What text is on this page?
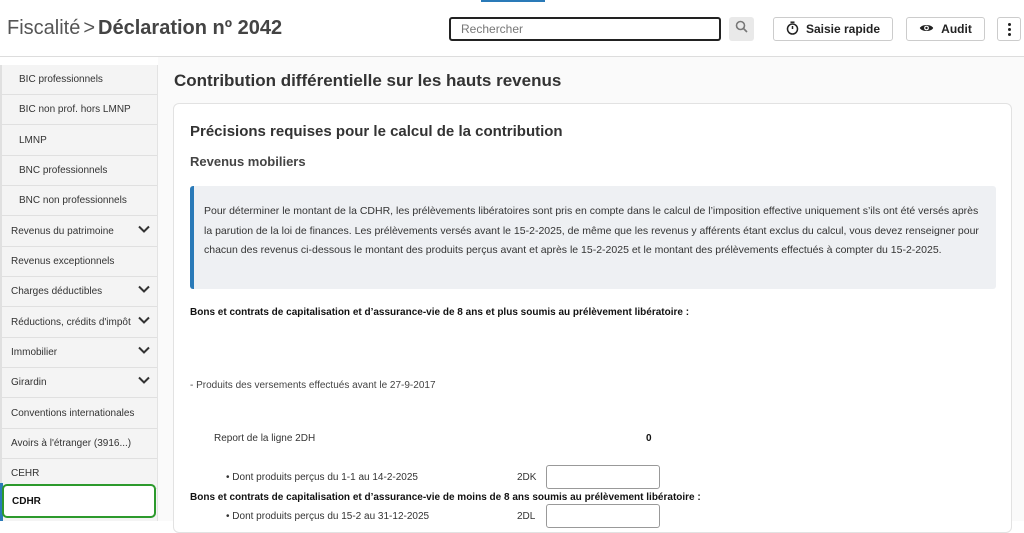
Fiscalité > Déclaration nº 2042
Rechercher	Saisie rapide	Audit
BIC professionnels
BIC non prof. hors LMNP
LMNP
BNC professionnels
BNC non professionnels
Revenus du patrimoine
Revenus exceptionnels
Charges déductibles
Réductions, crédits d'impôt
Immobilier
Girardin
Conventions internationales
Avoirs à l'étranger (3916...)
CEHR
CDHR
Contribution différentielle sur les hauts revenus
Précisions requises pour le calcul de la contribution
Revenus mobiliers
Pour déterminer le montant de la CDHR, les prélèvements libératoires sont pris en compte dans le calcul de l’imposition effective uniquement s’ils ont été versés après la parution de la loi de finances. Les prélèvements versés avant le 15-2-2025, de même que les revenus y afférents étant exclus du calcul, vous devez renseigner pour chacun des revenus ci-dessous le montant des produits perçus avant et après le 15-2-2025 et le montant des prélèvements effectués à compter du 15-2-2025.
Bons et contrats de capitalisation et d’assurance-vie de 8 ans et plus soumis au prélèvement libératoire :
- Produits des versements effectués avant le 27-9-2017
Report de la ligne 2DH	0
• Dont produits perçus du 1-1 au 14-2-2025	2DK
• Dont produits perçus du 15-2 au 31-12-2025	2DL
Bons et contrats de capitalisation et d’assurance-vie de moins de 8 ans soumis au prélèvement libératoire :
